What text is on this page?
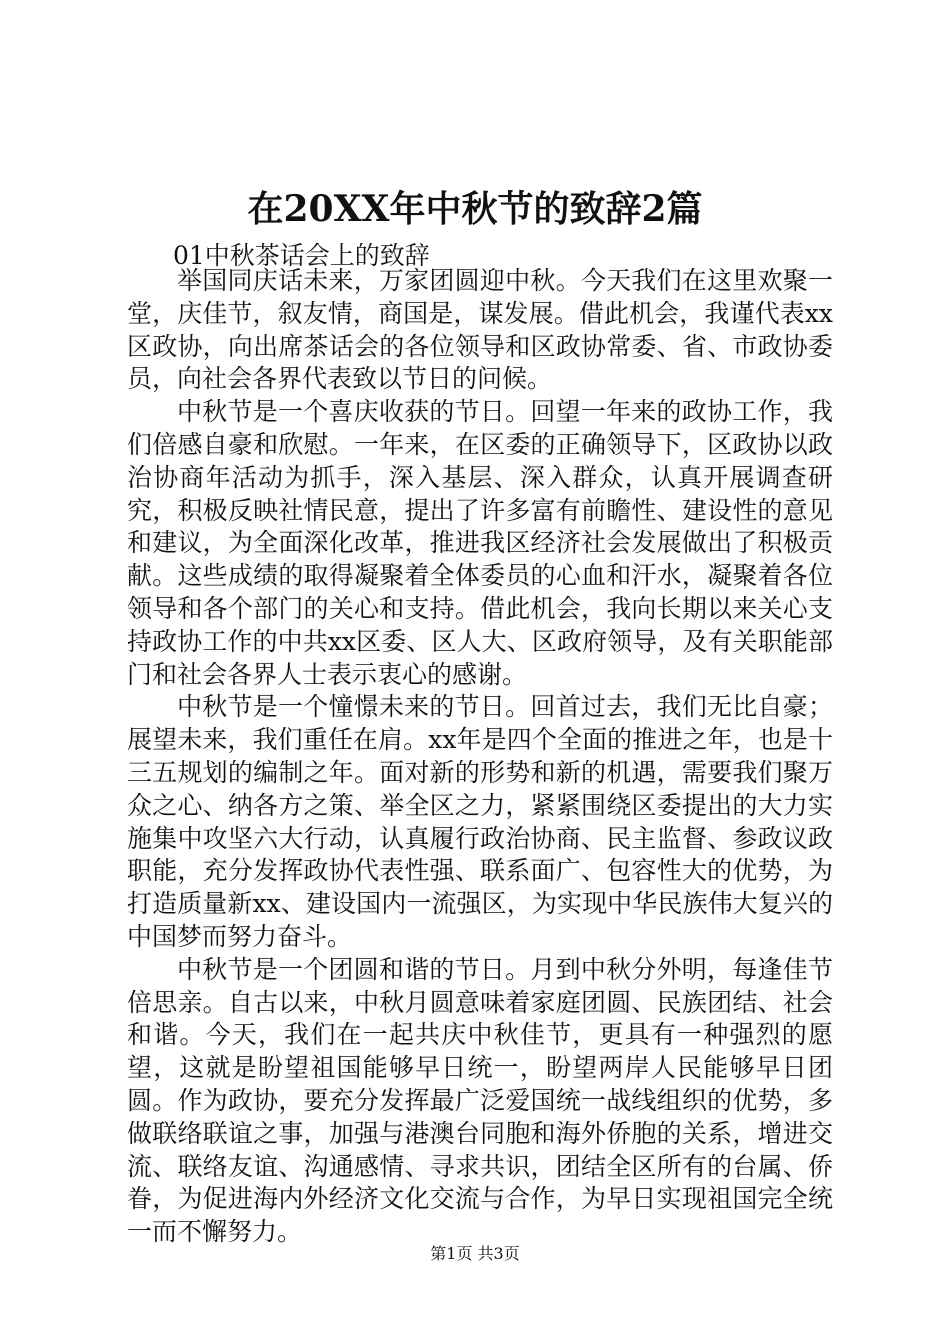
在20XX年中秋节的致辞2篇
01中秋茶话会上的致辞

举国同庆话未来，万家团圆迎中秋。今天我们在这里欢聚一堂，庆佳节，叙友情，商国是，谋发展。借此机会，我谨代表xx区政协，向出席茶话会的各位领导和区政协常委、省、市政协委员，向社会各界代表致以节日的问候。

中秋节是一个喜庆收获的节日。回望一年来的政协工作，我们倍感自豪和欣慰。一年来，在区委的正确领导下，区政协以政治协商年活动为抓手，深入基层、深入群众，认真开展调查研究，积极反映社情民意，提出了许多富有前瞻性、建设性的意见和建议，为全面深化改革，推进我区经济社会发展做出了积极贡献。这些成绩的取得凝聚着全体委员的心血和汗水，凝聚着各位领导和各个部门的关心和支持。借此机会，我向长期以来关心支持政协工作的中共xx区委、区人大、区政府领导，及有关职能部门和社会各界人士表示衷心的感谢。

中秋节是一个憧憬未来的节日。回首过去，我们无比自豪；展望未来，我们重任在肩。xx年是四个全面的推进之年，也是十三五规划的编制之年。面对新的形势和新的机遇，需要我们聚万众之心、纳各方之策、举全区之力，紧紧围绕区委提出的大力实施集中攻坚六大行动，认真履行政治协商、民主监督、参政议政职能，充分发挥政协代表性强、联系面广、包容性大的优势，为打造质量新xx、建设国内一流强区，为实现中华民族伟大复兴的中国梦而努力奋斗。

中秋节是一个团圆和谐的节日。月到中秋分外明，每逢佳节倍思亲。自古以来，中秋月圆意味着家庭团圆、民族团结、社会和谐。今天，我们在一起共庆中秋佳节，更具有一种强烈的愿望，这就是盼望祖国能够早日统一，盼望两岸人民能够早日团圆。作为政协，要充分发挥最广泛爱国统一战线组织的优势，多做联络联谊之事，加强与港澳台同胞和海外侨胞的关系，增进交流、联络友谊、沟通感情、寻求共识，团结全区所有的台属、侨眷，为促进海内外经济文化交流与合作，为早日实现祖国完全统一而不懈努力。

第1页 共3页
